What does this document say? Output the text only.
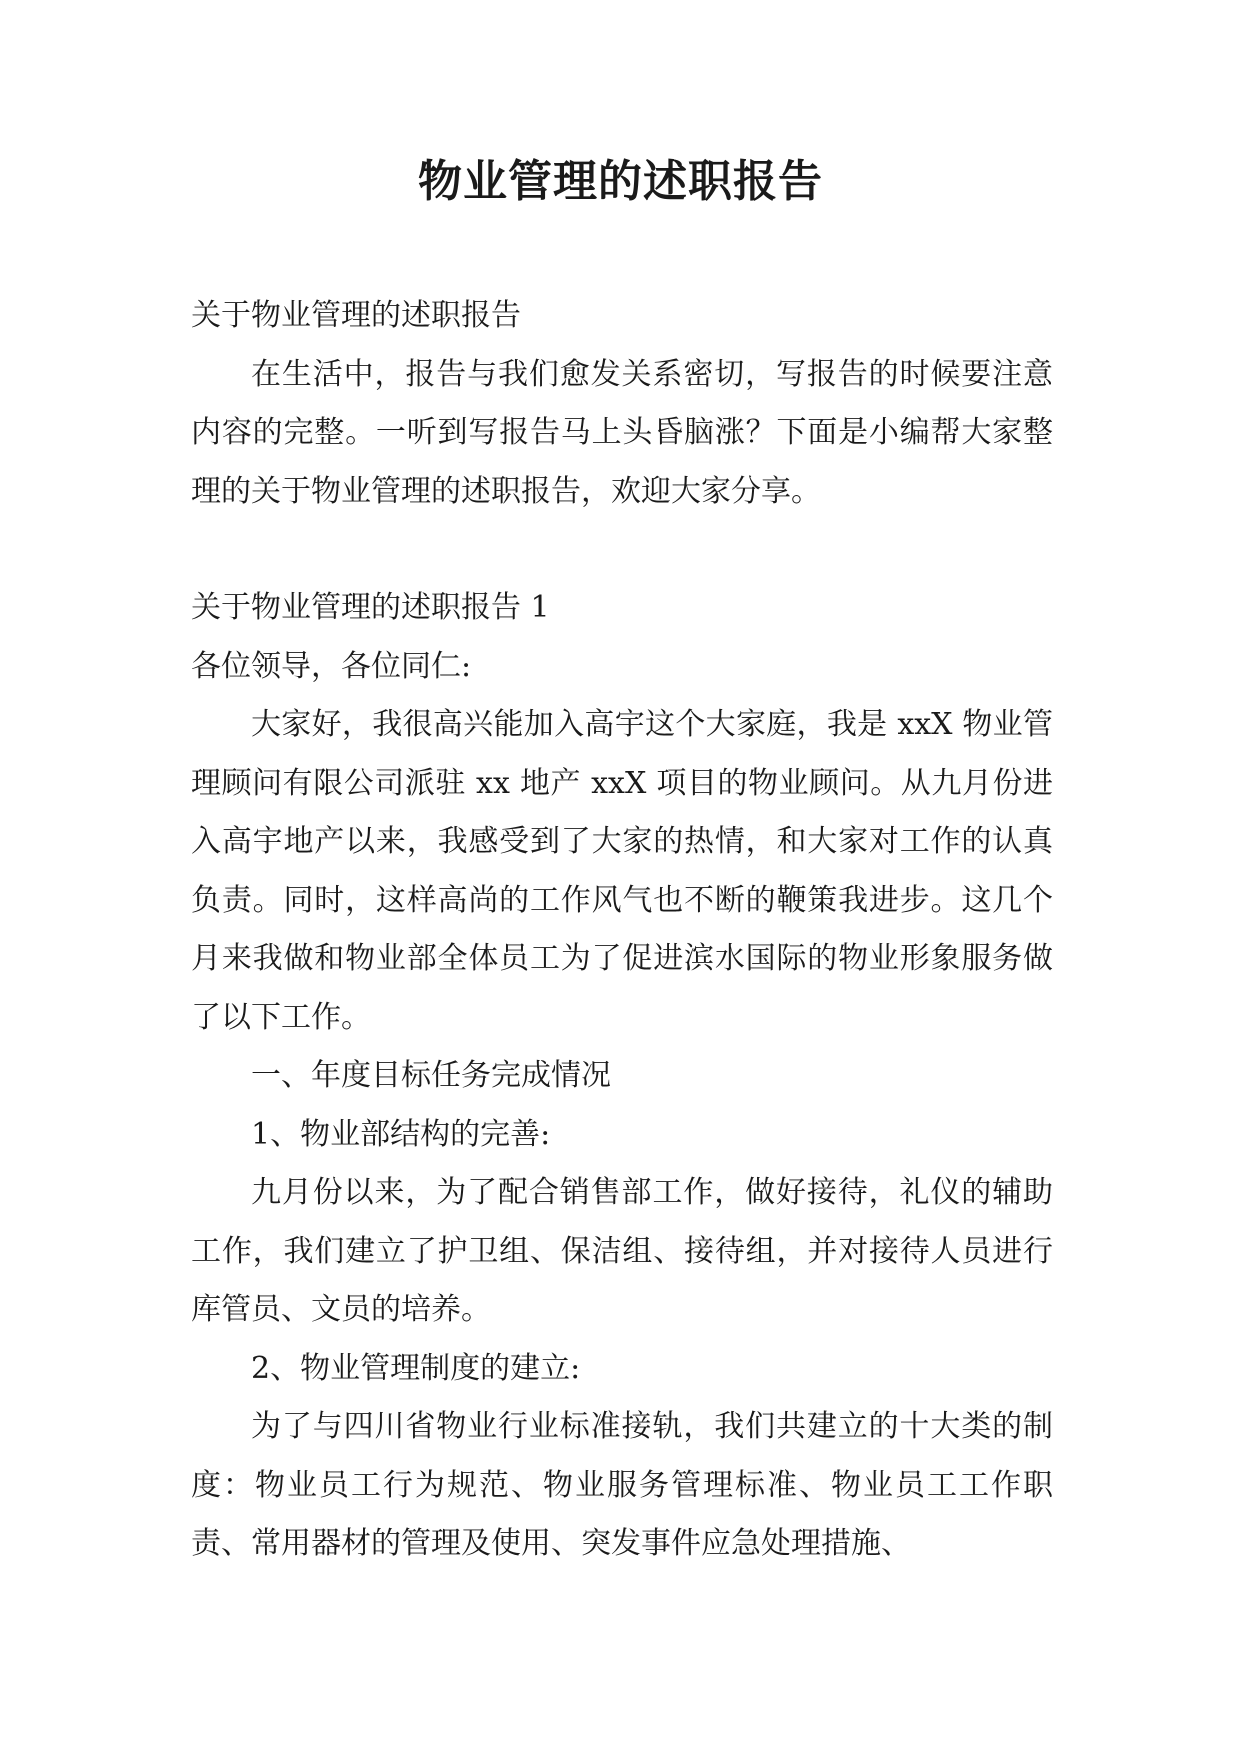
物业管理的述职报告

关于物业管理的述职报告

在生活中，报告与我们愈发关系密切，写报告的时候要注意内容的完整。一听到写报告马上头昏脑涨？下面是小编帮大家整理的关于物业管理的述职报告，欢迎大家分享。

关于物业管理的述职报告 1

各位领导，各位同仁:

大家好，我很高兴能加入高宇这个大家庭，我是 xxX 物业管理顾问有限公司派驻 xx 地产 xxX 项目的物业顾问。从九月份进入高宇地产以来，我感受到了大家的热情，和大家对工作的认真负责。同时，这样高尚的工作风气也不断的鞭策我进步。这几个月来我做和物业部全体员工为了促进滨水国际的物业形象服务做了以下工作。

一、年度目标任务完成情况

1、物业部结构的完善:

九月份以来，为了配合销售部工作，做好接待，礼仪的辅助工作，我们建立了护卫组、保洁组、接待组，并对接待人员进行库管员、文员的培养。

2、物业管理制度的建立:

为了与四川省物业行业标准接轨，我们共建立的十大类的制度：物业员工行为规范、物业服务管理标准、物业员工工作职责、常用器材的管理及使用、突发事件应急处理措施、
